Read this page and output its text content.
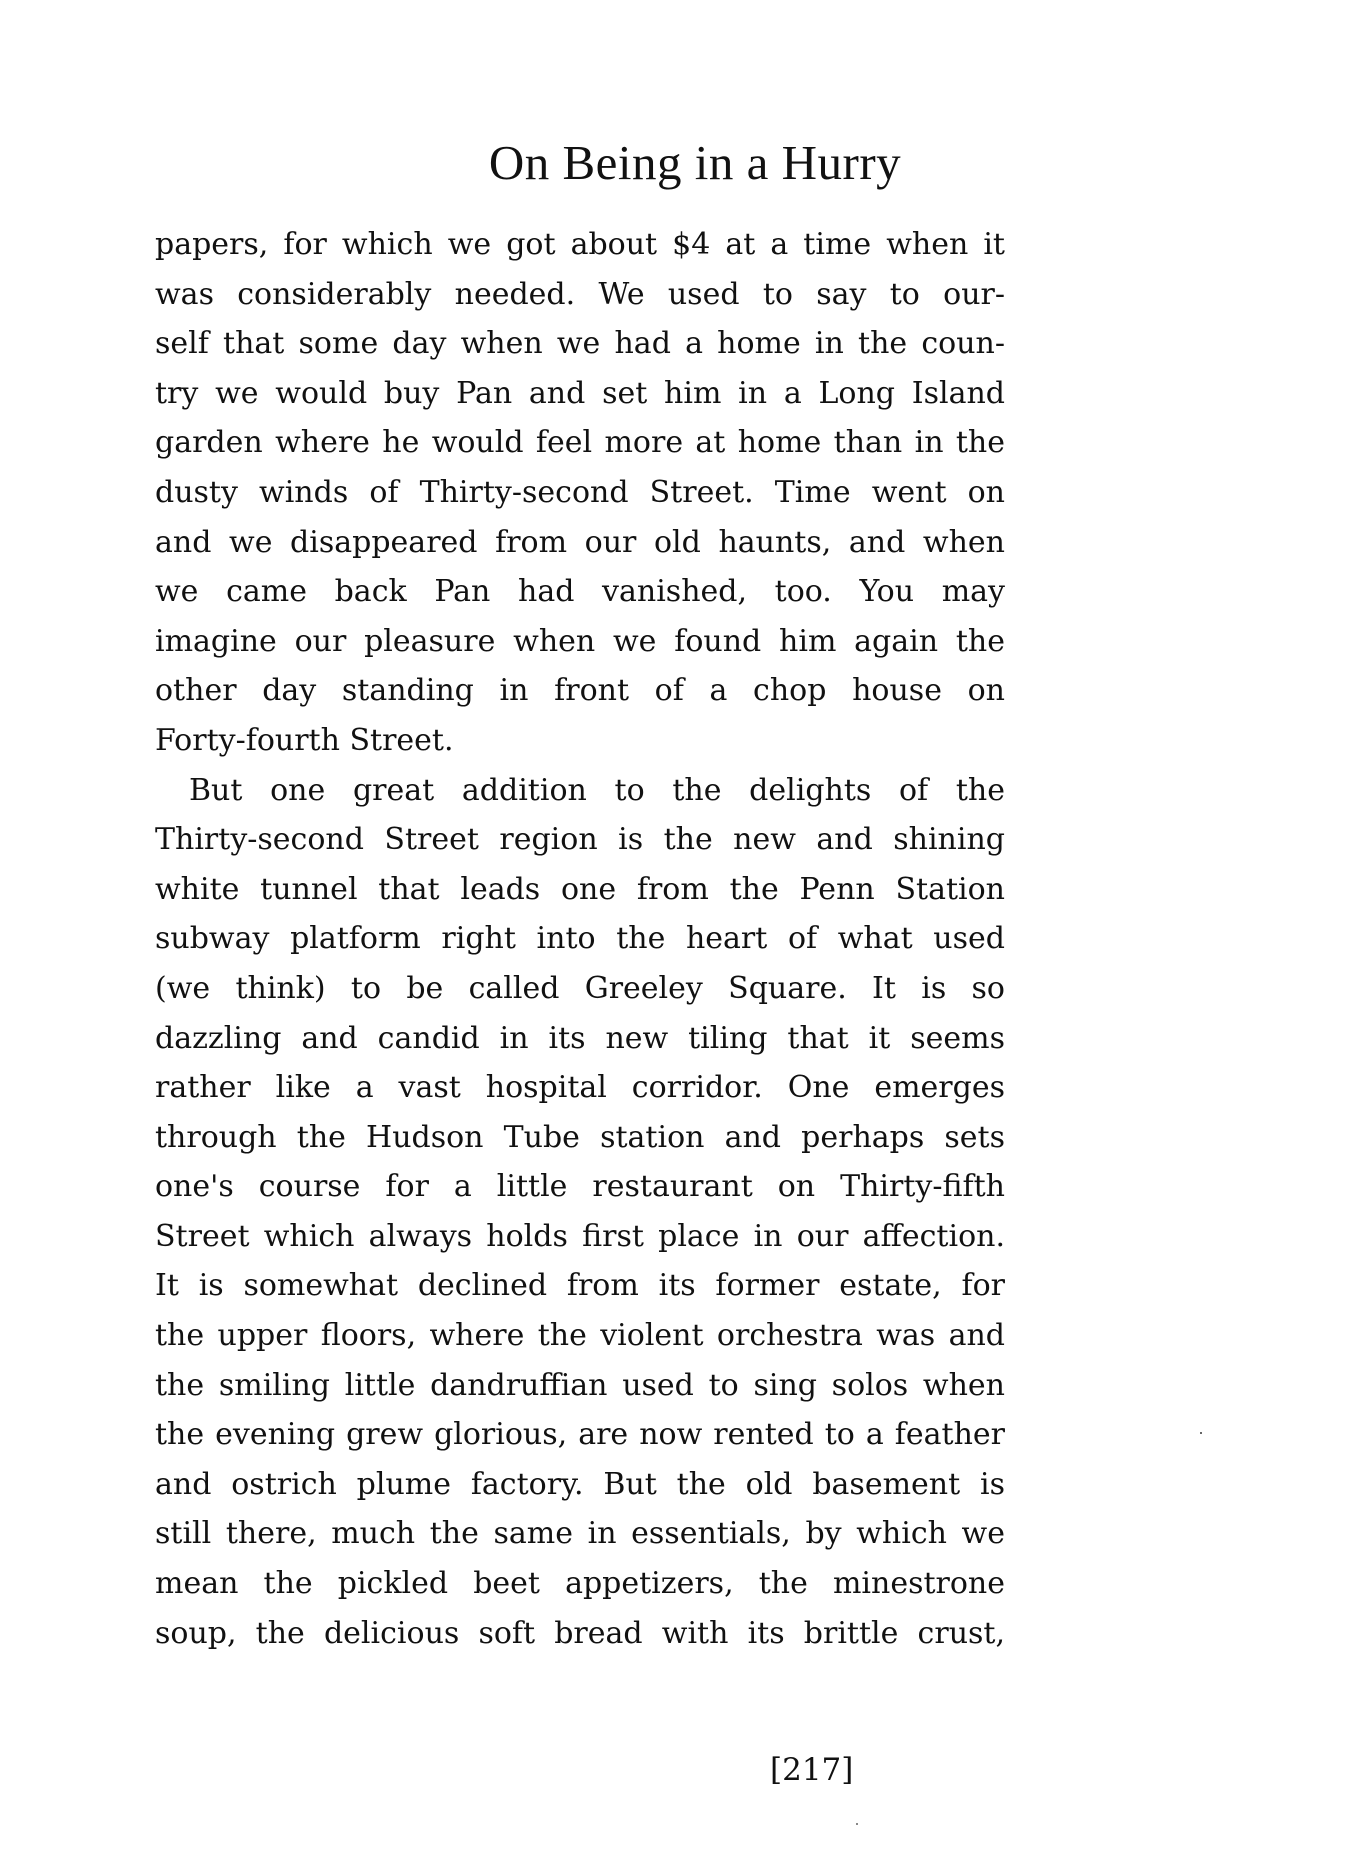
On Being in a Hurry
papers, for which we got about $4 at a time when it
was considerably needed. We used to say to our-
self that some day when we had a home in the coun-
try we would buy Pan and set him in a Long Island
garden where he would feel more at home than in the
dusty winds of Thirty-second Street. Time went on
and we disappeared from our old haunts, and when
we came back Pan had vanished, too. You may
imagine our pleasure when we found him again the
other day standing in front of a chop house on
Forty-fourth Street.
But one great addition to the delights of the
Thirty-second Street region is the new and shining
white tunnel that leads one from the Penn Station
subway platform right into the heart of what used
(we think) to be called Greeley Square. It is so
dazzling and candid in its new tiling that it seems
rather like a vast hospital corridor. One emerges
through the Hudson Tube station and perhaps sets
one's course for a little restaurant on Thirty-fifth
Street which always holds first place in our affection.
It is somewhat declined from its former estate, for
the upper floors, where the violent orchestra was and
the smiling little dandruffian used to sing solos when
the evening grew glorious, are now rented to a feather
and ostrich plume factory. But the old basement is
still there, much the same in essentials, by which we
mean the pickled beet appetizers, the minestrone
soup, the delicious soft bread with its brittle crust,
[217]
